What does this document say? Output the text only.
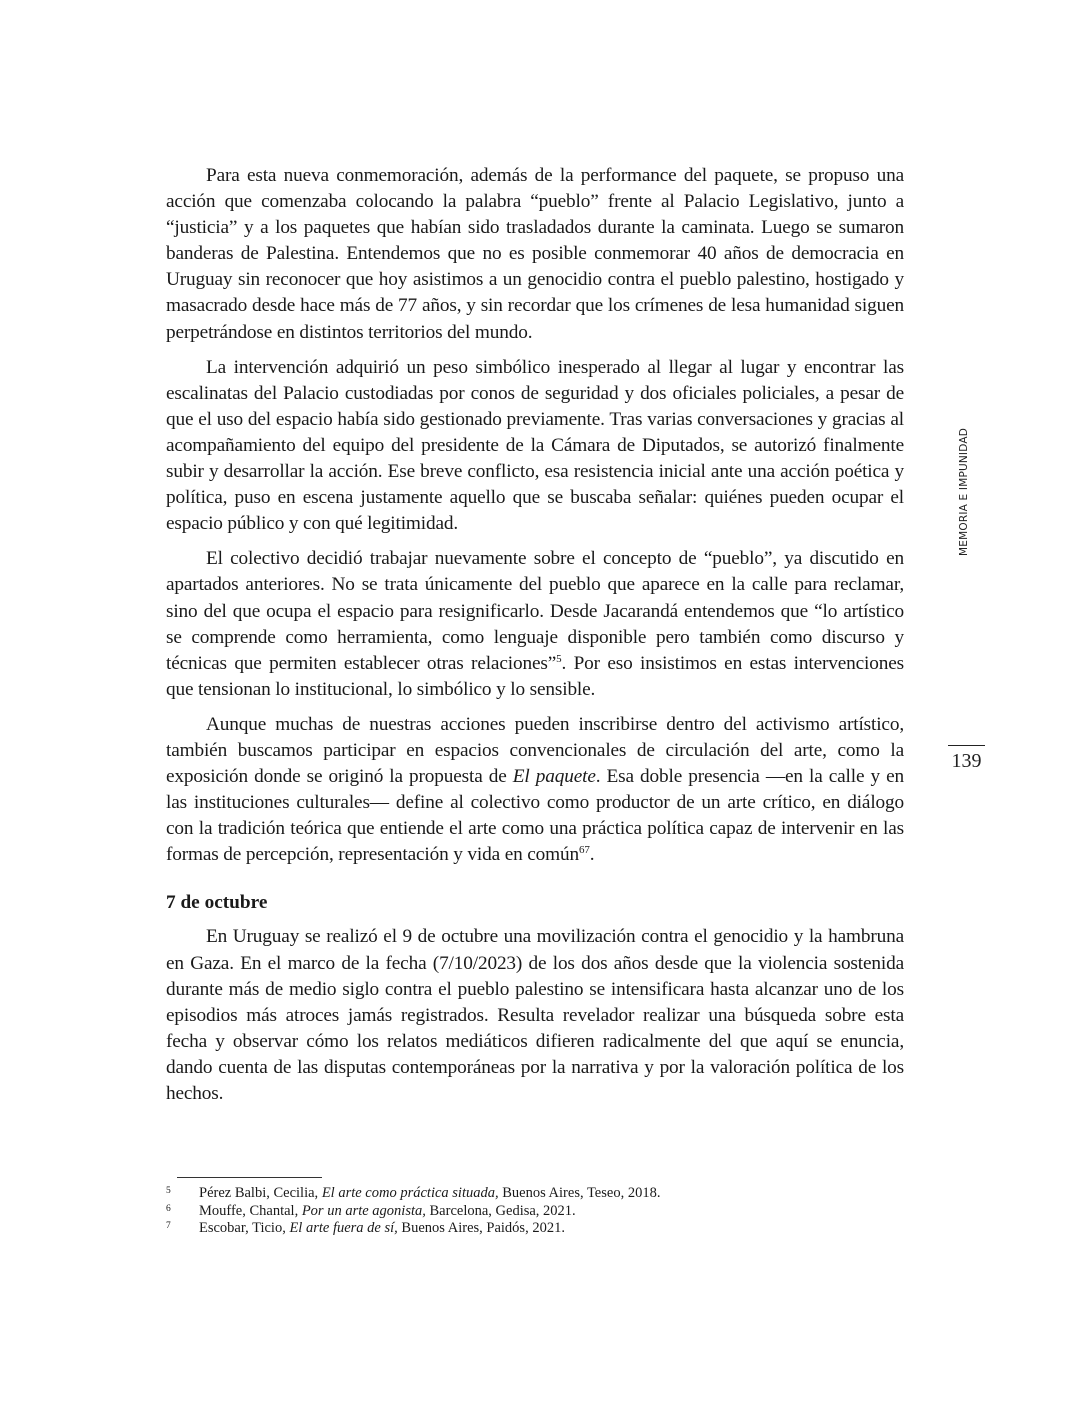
Para esta nueva conmemoración, además de la performance del paquete, se propuso una acción que comenzaba colocando la palabra “pueblo” frente al Palacio Legislativo, junto a “justicia” y a los paquetes que habían sido trasladados durante la caminata. Luego se sumaron banderas de Palestina. Entendemos que no es posible conmemorar 40 años de democracia en Uruguay sin reconocer que hoy asistimos a un genocidio contra el pueblo palestino, hostigado y masacrado desde hace más de 77 años, y sin recordar que los crímenes de lesa humanidad siguen perpetrándose en distintos territorios del mundo.

La intervención adquirió un peso simbólico inesperado al llegar al lugar y encontrar las escalinatas del Palacio custodiadas por conos de seguridad y dos oficiales policiales, a pesar de que el uso del espacio había sido gestionado previamente. Tras varias conversaciones y gracias al acompañamiento del equipo del presidente de la Cámara de Diputados, se autorizó finalmente subir y desarrollar la acción. Ese breve conflicto, esa resistencia inicial ante una acción poética y política, puso en escena justamente aquello que se buscaba señalar: quiénes pueden ocupar el espacio público y con qué legitimidad.

El colectivo decidió trabajar nuevamente sobre el concepto de “pueblo”, ya discutido en apartados anteriores. No se trata únicamente del pueblo que aparece en la calle para reclamar, sino del que ocupa el espacio para resignificarlo. Desde Jacarandá entendemos que “lo artístico se comprende como herramienta, como lenguaje disponible pero también como discurso y técnicas que permiten establecer otras relaciones”$^5$. Por eso insistimos en estas intervenciones que tensionan lo institucional, lo simbólico y lo sensible.

Aunque muchas de nuestras acciones pueden inscribirse dentro del activismo artístico, también buscamos participar en espacios convencionales de circulación del arte, como la exposición donde se originó la propuesta de El paquete. Esa doble presencia —en la calle y en las instituciones culturales— define al colectivo como productor de un arte crítico, en diálogo con la tradición teórica que entiende el arte como una práctica política capaz de intervenir en las formas de percepción, representación y vida en común$^{67}$.

7 de octubre

En Uruguay se realizó el 9 de octubre una movilización contra el genocidio y la hambruna en Gaza. En el marco de la fecha (7/10/2023) de los dos años desde que la violencia sostenida durante más de medio siglo contra el pueblo palestino se intensificara hasta alcanzar uno de los episodios más atroces jamás registrados. Resulta revelador realizar una búsqueda sobre esta fecha y observar cómo los relatos mediáticos difieren radicalmente del que aquí se enuncia, dando cuenta de las disputas contemporáneas por la narrativa y por la valoración política de los hechos.

MEMORIA E IMPUNIDAD
139
5 Pérez Balbi, Cecilia, El arte como práctica situada, Buenos Aires, Teseo, 2018.
6 Mouffe, Chantal, Por un arte agonista, Barcelona, Gedisa, 2021.
7 Escobar, Ticio, El arte fuera de sí, Buenos Aires, Paidós, 2021.
